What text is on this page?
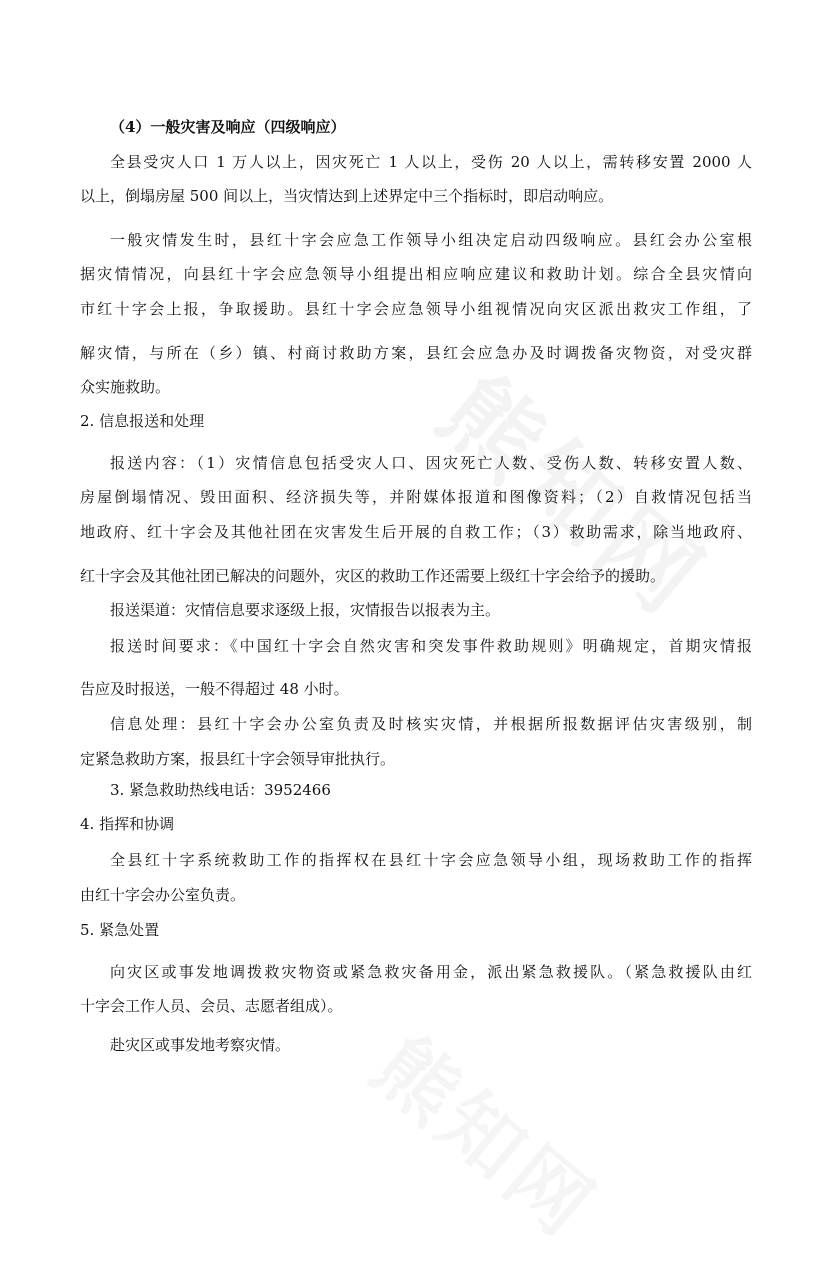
（4）一般灾害及响应（四级响应）
全县受灾人口 1 万人以上，因灾死亡 1 人以上，受伤 20 人以上，需转移安置 2000 人
以上，倒塌房屋 500 间以上，当灾情达到上述界定中三个指标时，即启动响应。
一般灾情发生时，县红十字会应急工作领导小组决定启动四级响应。县红会办公室根
据灾情情况，向县红十字会应急领导小组提出相应响应建议和救助计划。综合全县灾情向
市红十字会上报，争取援助。县红十字会应急领导小组视情况向灾区派出救灾工作组，了
解灾情，与所在（乡）镇、村商讨救助方案，县红会应急办及时调拨备灾物资，对受灾群
众实施救助。
2. 信息报送和处理
报送内容：（1）灾情信息包括受灾人口、因灾死亡人数、受伤人数、转移安置人数、
房屋倒塌情况、毁田面积、经济损失等，并附媒体报道和图像资料；（2）自救情况包括当
地政府、红十字会及其他社团在灾害发生后开展的自救工作；（3）救助需求，除当地政府、
红十字会及其他社团已解决的问题外，灾区的救助工作还需要上级红十字会给予的援助。
报送渠道：灾情信息要求逐级上报，灾情报告以报表为主。
报送时间要求：《中国红十字会自然灾害和突发事件救助规则》明确规定，首期灾情报
告应及时报送，一般不得超过 48 小时。
信息处理：县红十字会办公室负责及时核实灾情，并根据所报数据评估灾害级别，制
定紧急救助方案，报县红十字会领导审批执行。
3. 紧急救助热线电话：3952466
4. 指挥和协调
全县红十字系统救助工作的指挥权在县红十字会应急领导小组，现场救助工作的指挥
由红十字会办公室负责。
5. 紧急处置
向灾区或事发地调拨救灾物资或紧急救灾备用金，派出紧急救援队。（紧急救援队由红
十字会工作人员、会员、志愿者组成）。
赴灾区或事发地考察灾情。
